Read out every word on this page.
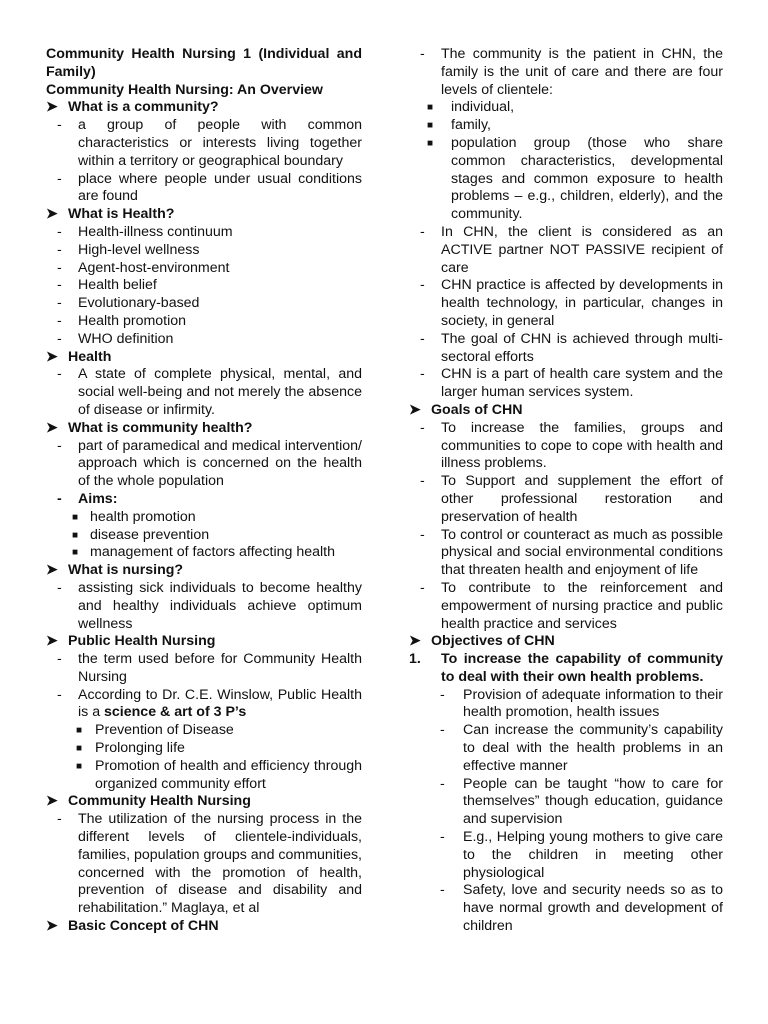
Community Health Nursing 1 (Individual and Family)
Community Health Nursing: An Overview
➤ What is a community?
- a group of people with common characteristics or interests living together within a territory or geographical boundary
- place where people under usual conditions are found
➤ What is Health?
- Health-illness continuum
- High-level wellness
- Agent-host-environment
- Health belief
- Evolutionary-based
- Health promotion
- WHO definition
➤ Health
- A state of complete physical, mental, and social well-being and not merely the absence of disease or infirmity.
➤ What is community health?
- part of paramedical and medical intervention/ approach which is concerned on the health of the whole population
- Aims:
■ health promotion
■ disease prevention
■ management of factors affecting health
➤ What is nursing?
- assisting sick individuals to become healthy and healthy individuals achieve optimum wellness
➤ Public Health Nursing
- the term used before for Community Health Nursing
- According to Dr. C.E. Winslow, Public Health is a science & art of 3 P’s
■ Prevention of Disease
■ Prolonging life
■ Promotion of health and efficiency through organized community effort
➤ Community Health Nursing
- The utilization of the nursing process in the different levels of clientele-individuals, families, population groups and communities, concerned with the promotion of health, prevention of disease and disability and rehabilitation.” Maglaya, et al
➤ Basic Concept of CHN
- The community is the patient in CHN, the family is the unit of care and there are four levels of clientele:
■ individual,
■ family,
■ population group (those who share common characteristics, developmental stages and common exposure to health problems – e.g., children, elderly), and the community.
- In CHN, the client is considered as an ACTIVE partner NOT PASSIVE recipient of care
- CHN practice is affected by developments in health technology, in particular, changes in society, in general
- The goal of CHN is achieved through multi-sectoral efforts
- CHN is a part of health care system and the larger human services system.
➤ Goals of CHN
- To increase the families, groups and communities to cope to cope with health and illness problems.
- To Support and supplement the effort of other professional restoration and preservation of health
- To control or counteract as much as possible physical and social environmental conditions that threaten health and enjoyment of life
- To contribute to the reinforcement and empowerment of nursing practice and public health practice and services
➤ Objectives of CHN
1. To increase the capability of community to deal with their own health problems.
- Provision of adequate information to their health promotion, health issues
- Can increase the community’s capability to deal with the health problems in an effective manner
- People can be taught “how to care for themselves” though education, guidance and supervision
- E.g., Helping young mothers to give care to the children in meeting other physiological
- Safety, love and security needs so as to have normal growth and development of children
